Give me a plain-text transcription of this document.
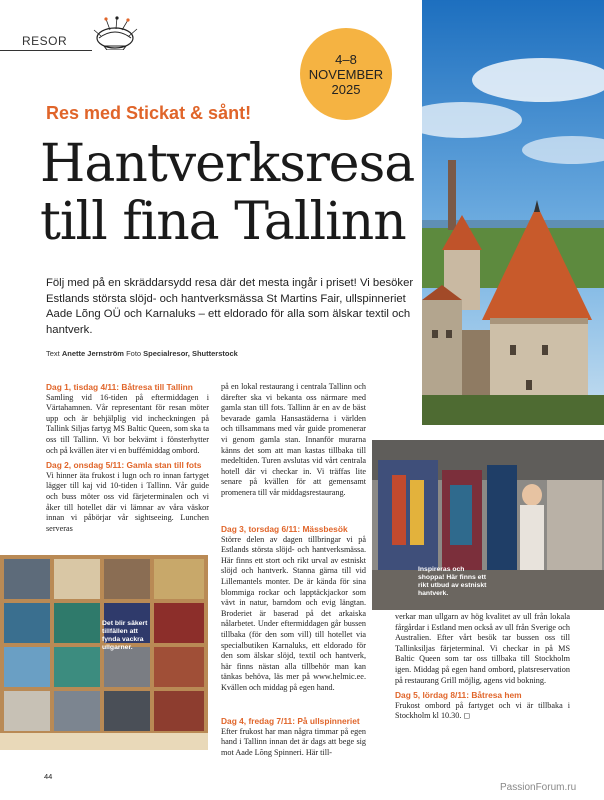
RESOR
4–8
NOVEMBER
2025
Res med Stickat & sånt!
Hantverksresa
till fina Tallinn

Följ med på en skräddarsydd resa där det mesta ingår i priset! Vi besöker Estlands största slöjd- och hantverksmässa St Martins Fair, ullspinneriet Aade Lõng OÜ och Karnaluks – ett eldorado för alla som älskar textil och hantverk.

Text Anette Jernström Foto Specialresor, Shutterstock
Dag 1, tisdag 4/11: Båtresa till Tallinn

Samling vid 16-tiden på eftermiddagen i Värtahamnen. Vår representant för resan möter upp och är behjälplig vid incheckningen på Tallink Siljas fartyg MS Baltic Queen, som ska ta oss till Tallinn. Vi bor bekvämt i fönsterhytter och på kvällen äter vi en buffémiddag ombord.

Dag 2, onsdag 5/11: Gamla stan till fots

Vi hinner äta frukost i lugn och ro innan fartyget lägger till kaj vid 10-tiden i Tallinn. Vår guide och buss möter oss vid färjeterminalen och vi åker till hotellet där vi lämnar av våra väskor innan vi påbörjar vår sightseeing. Lunchen serveras

på en lokal restaurang i centrala Tallinn och därefter ska vi bekanta oss närmare med gamla stan till fots. Tallinn är en av de bäst bevarade gamla Hansastäderna i världen och tillsammans med vår guide promenerar vi genom gamla stan. Innanför murarna känns det som att man kastas tillbaka till medeltiden. Turen avslutas vid vårt centrala hotell där vi checkar in. Vi träffas lite senare på kvällen för att gemensamt promenera till vår middagsrestaurang.

Dag 3, torsdag 6/11: Mässbesök

Större delen av dagen tillbringar vi på Estlands största slöjd- och hantverksmässa. Här finns ett stort och rikt urval av estniskt slöjd och hantverk. Stanna gärna till vid Lillemantels monter. De är kända för sina blommiga rockar och lapptäckjackor som vävt in natur, barndom och evig längtan. Broderiet är baserad på det arkaiska nålarbetet. Under eftermiddagen går bussen tillbaka (för den som vill) till hotellet via specialbutiken Karnaluks, ett eldorado för den som älskar slöjd, textil och hantverk, här finns nästan alla tillbehör man kan tänkas behöva, läs mer på www.helmic.ee. Kvällen och middag på egen hand.

Dag 4, fredag 7/11: På ullspinneriet

Efter frukost har man några timmar på egen hand i Tallinn innan det är dags att bege sig mot Aade Lõng Spinneri. Här till-

Inspireras och shoppa! Här finns ett rikt utbud av estniskt hantverk.
Det blir säkert tillfällen att fynda vackra ullgarner.

verkar man ullgarn av hög kvalitet av ull från lokala fårgårdar i Estland men också av ull från Sverige och Australien. Efter vårt besök tar bussen oss till Tallinksiljas färjeterminal. Vi checkar in på MS Baltic Queen som tar oss tillbaka till Stockholm igen. Middag på egen hand ombord, platsreservation på restaurang Grill möjlig, agens vid bokning.

Dag 5, lördag 8/11: Båtresa hem

Frukost ombord på fartyget och vi är tillbaka i Stockholm kl 10.30. ◻

44
PassionForum.ru
